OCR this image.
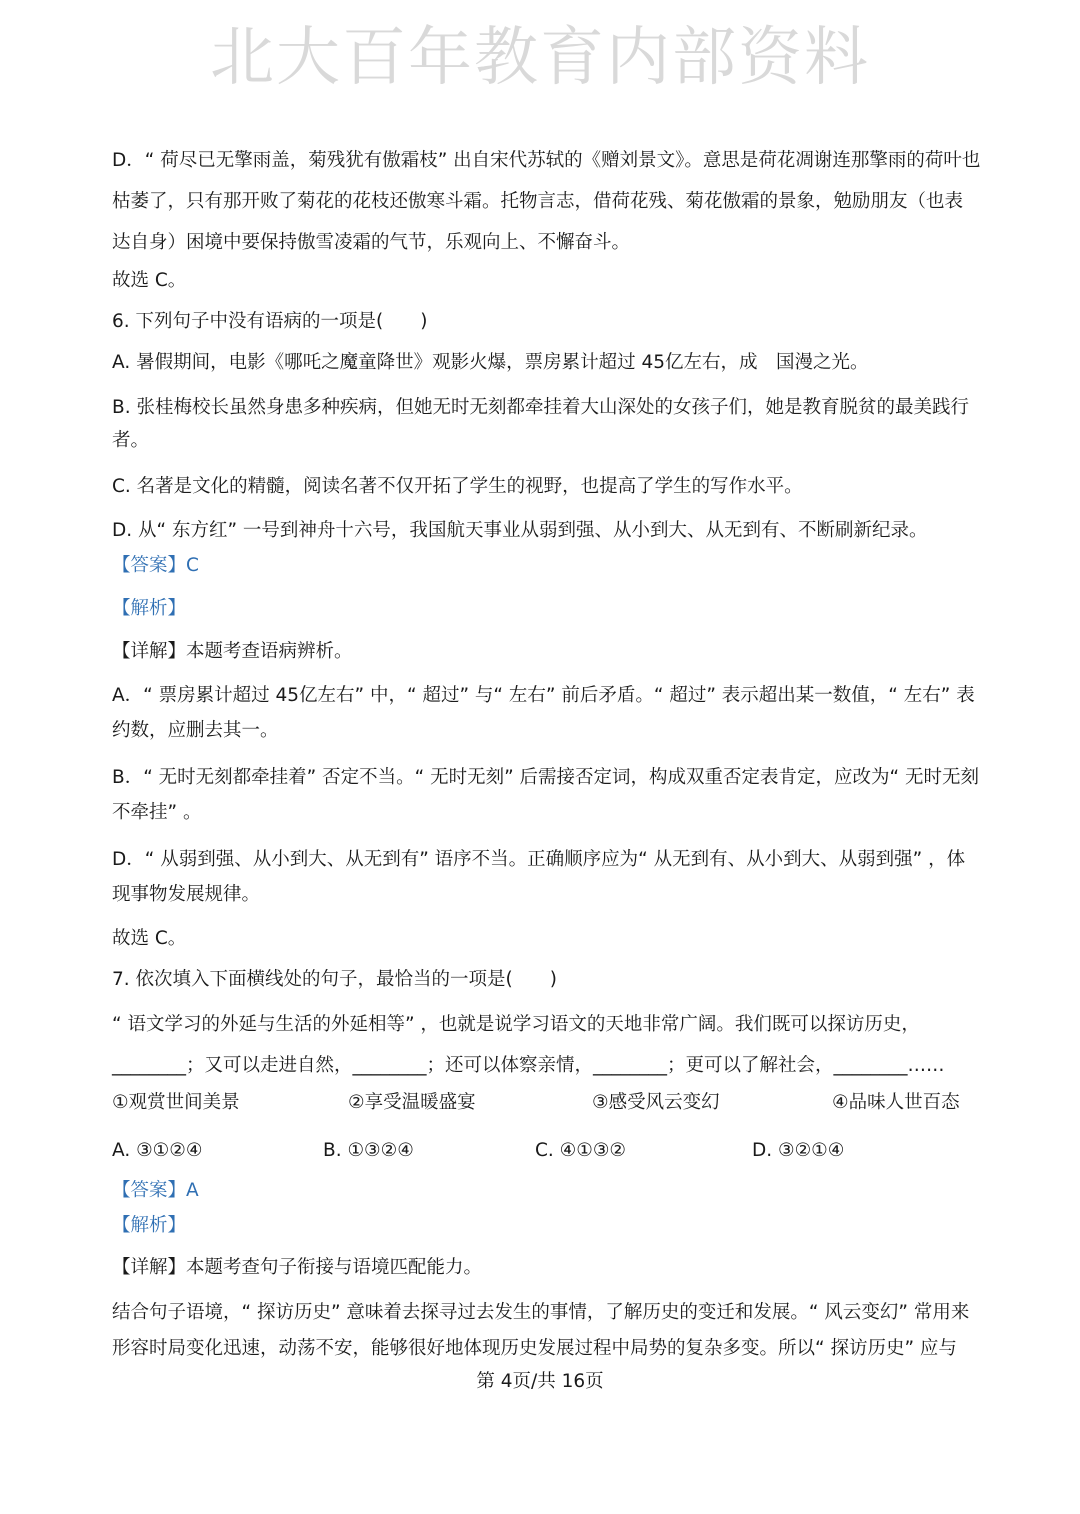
北大百年教育内部资料
D．“ 荷尽已无擎雨盖，菊残犹有傲霜枝” 出自宋代苏轼的《赠刘景文》。意思是荷花凋谢连那擎雨的荷叶也
枯萎了，只有那开败了菊花的花枝还傲寒斗霜。托物言志，借荷花残、菊花傲霜的景象，勉励朋友（也表
达自身）困境中要保持傲雪凌霜的气节，乐观向上、不懈奋斗。
故选 C。
6. 下列句子中没有语病的一项是(　　)
A. 暑假期间，电影《哪吒之魔童降世》观影火爆，票房累计超过 45亿左右，成　国漫之光。
B. 张桂梅校长虽然身患多种疾病，但她无时无刻都牵挂着大山深处的女孩子们，她是教育脱贫的最美践行
者。
C. 名著是文化的精髓，阅读名著不仅开拓了学生的视野，也提高了学生的写作水平。
D. 从“ 东方红” 一号到神舟十六号，我国航天事业从弱到强、从小到大、从无到有、不断刷新纪录。
【答案】C
【解析】
【详解】本题考查语病辨析。
A．“ 票房累计超过 45亿左右” 中，“ 超过” 与“ 左右” 前后矛盾。“ 超过” 表示超出某一数值，“ 左右” 表
约数，应删去其一。
B．“ 无时无刻都牵挂着” 否定不当。“ 无时无刻” 后需接否定词，构成双重否定表肯定，应改为“ 无时无刻
不牵挂” 。
D．“ 从弱到强、从小到大、从无到有” 语序不当。正确顺序应为“ 从无到有、从小到大、从弱到强” ，体
现事物发展规律。
故选 C。
7. 依次填入下面横线处的句子，最恰当的一项是(　　)
“ 语文学习的外延与生活的外延相等” ，也就是说学习语文的天地非常广阔。我们既可以探访历史，
________；又可以走进自然，________；还可以体察亲情，________；更可以了解社会，________……
①观赏世间美景	②享受温暖盛宴	③感受风云变幻	④品味人世百态
A. ③①②④	B. ①③②④	C. ④①③②	D. ③②①④
【答案】A
【解析】
【详解】本题考查句子衔接与语境匹配能力。
结合句子语境，“ 探访历史” 意味着去探寻过去发生的事情，了解历史的变迁和发展。“ 风云变幻” 常用来
形容时局变化迅速，动荡不安，能够很好地体现历史发展过程中局势的复杂多变。所以“ 探访历史” 应与
第 4页/共 16页
